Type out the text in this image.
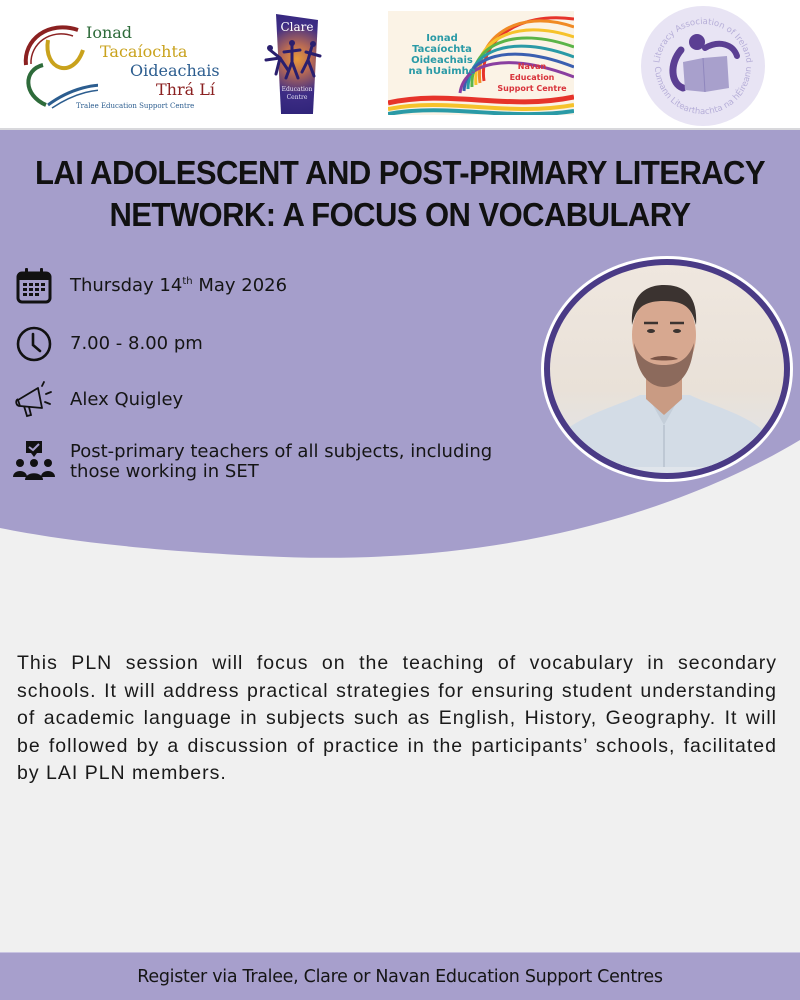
Ionad
Tacaíochta
Oideachais
Thrá Lí
Tralee Education Support Centre
Clare
Education
Centre
Ionad
Tacaíochta
Oideachais
na hUaimhe	Navan
Education
Support Centre
Literacy Association of Ireland
Cumann Litearthachta na hÉireann
LAI ADOLESCENT AND POST-PRIMARY LITERACY
NETWORK: A FOCUS ON VOCABULARY
Thursday 14th May 2026
7.00 - 8.00 pm
Alex Quigley
Post-primary teachers of all subjects, including
those working in SET

This PLN session will focus on the teaching of vocabulary in secondary schools. It will address practical strategies for ensuring student understanding of academic language in subjects such as English, History, Geography. It will be followed by a discussion of practice in the participants’ schools, facilitated by LAI PLN members.

Register via Tralee, Clare or Navan Education Support Centres
